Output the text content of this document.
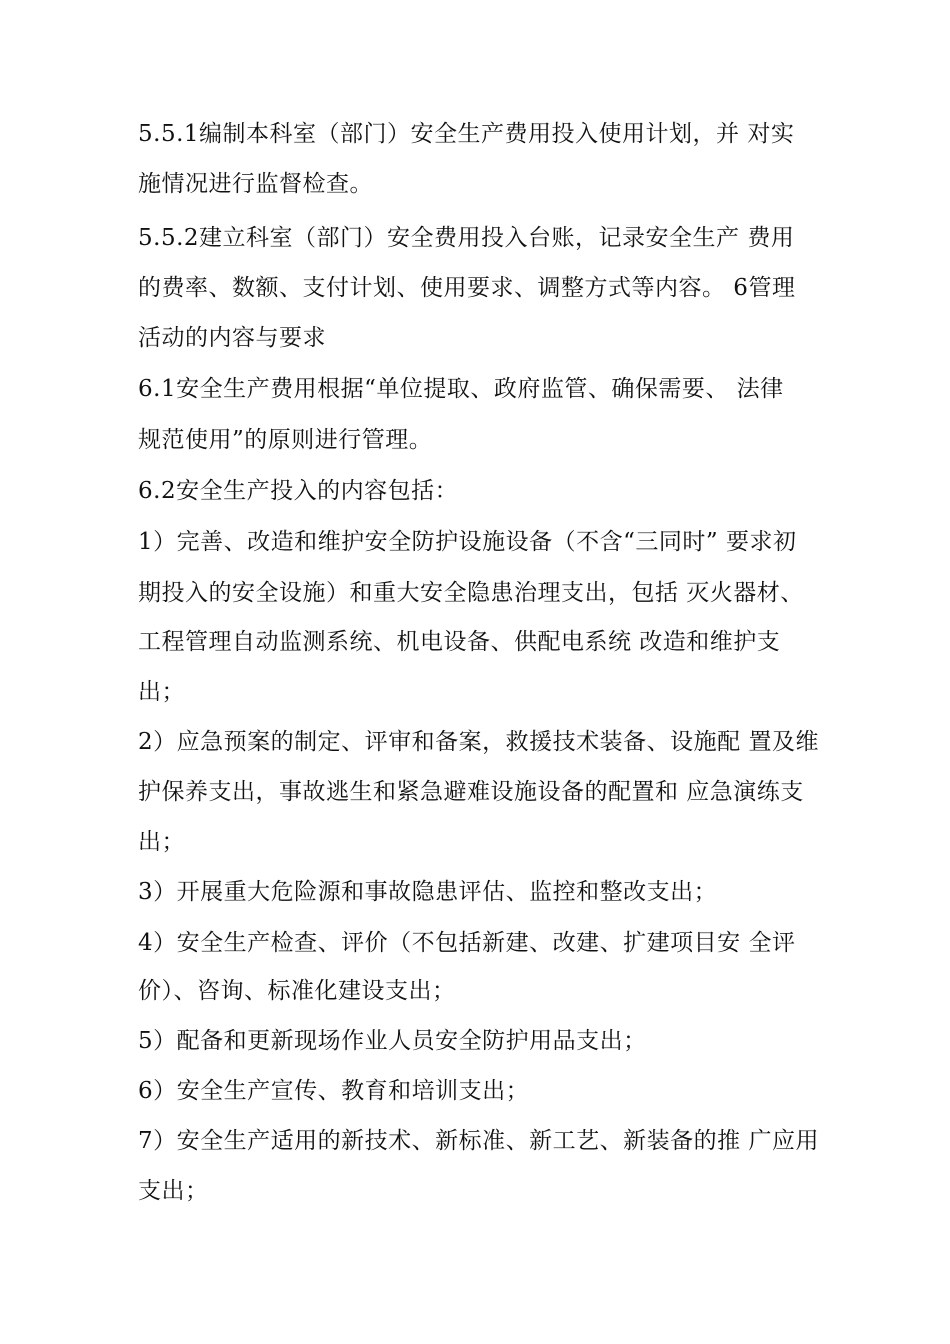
5.5.1编制本科室（部门）安全生产费用投入使用计划，并 对实
施情况进行监督检查。
5.5.2建立科室（部门）安全费用投入台账，记录安全生产 费用
的费率、数额、支付计划、使用要求、调整方式等内容。 6管理
活动的内容与要求
6.1安全生产费用根据“单位提取、政府监管、确保需要、 法律
规范使用”的原则进行管理。
6.2安全生产投入的内容包括：
1）完善、改造和维护安全防护设施设备（不含“三同时” 要求初
期投入的安全设施）和重大安全隐患治理支出，包括 灭火器材、
工程管理自动监测系统、机电设备、供配电系统 改造和维护支
出；
2）应急预案的制定、评审和备案，救援技术装备、设施配 置及维
护保养支出，事故逃生和紧急避难设施设备的配置和 应急演练支
出；
3）开展重大危险源和事故隐患评估、监控和整改支出；
4）安全生产检查、评价（不包括新建、改建、扩建项目安 全评
价）、咨询、标准化建设支出；
5）配备和更新现场作业人员安全防护用品支出；
6）安全生产宣传、教育和培训支出；
7）安全生产适用的新技术、新标准、新工艺、新装备的推 广应用
支出；
